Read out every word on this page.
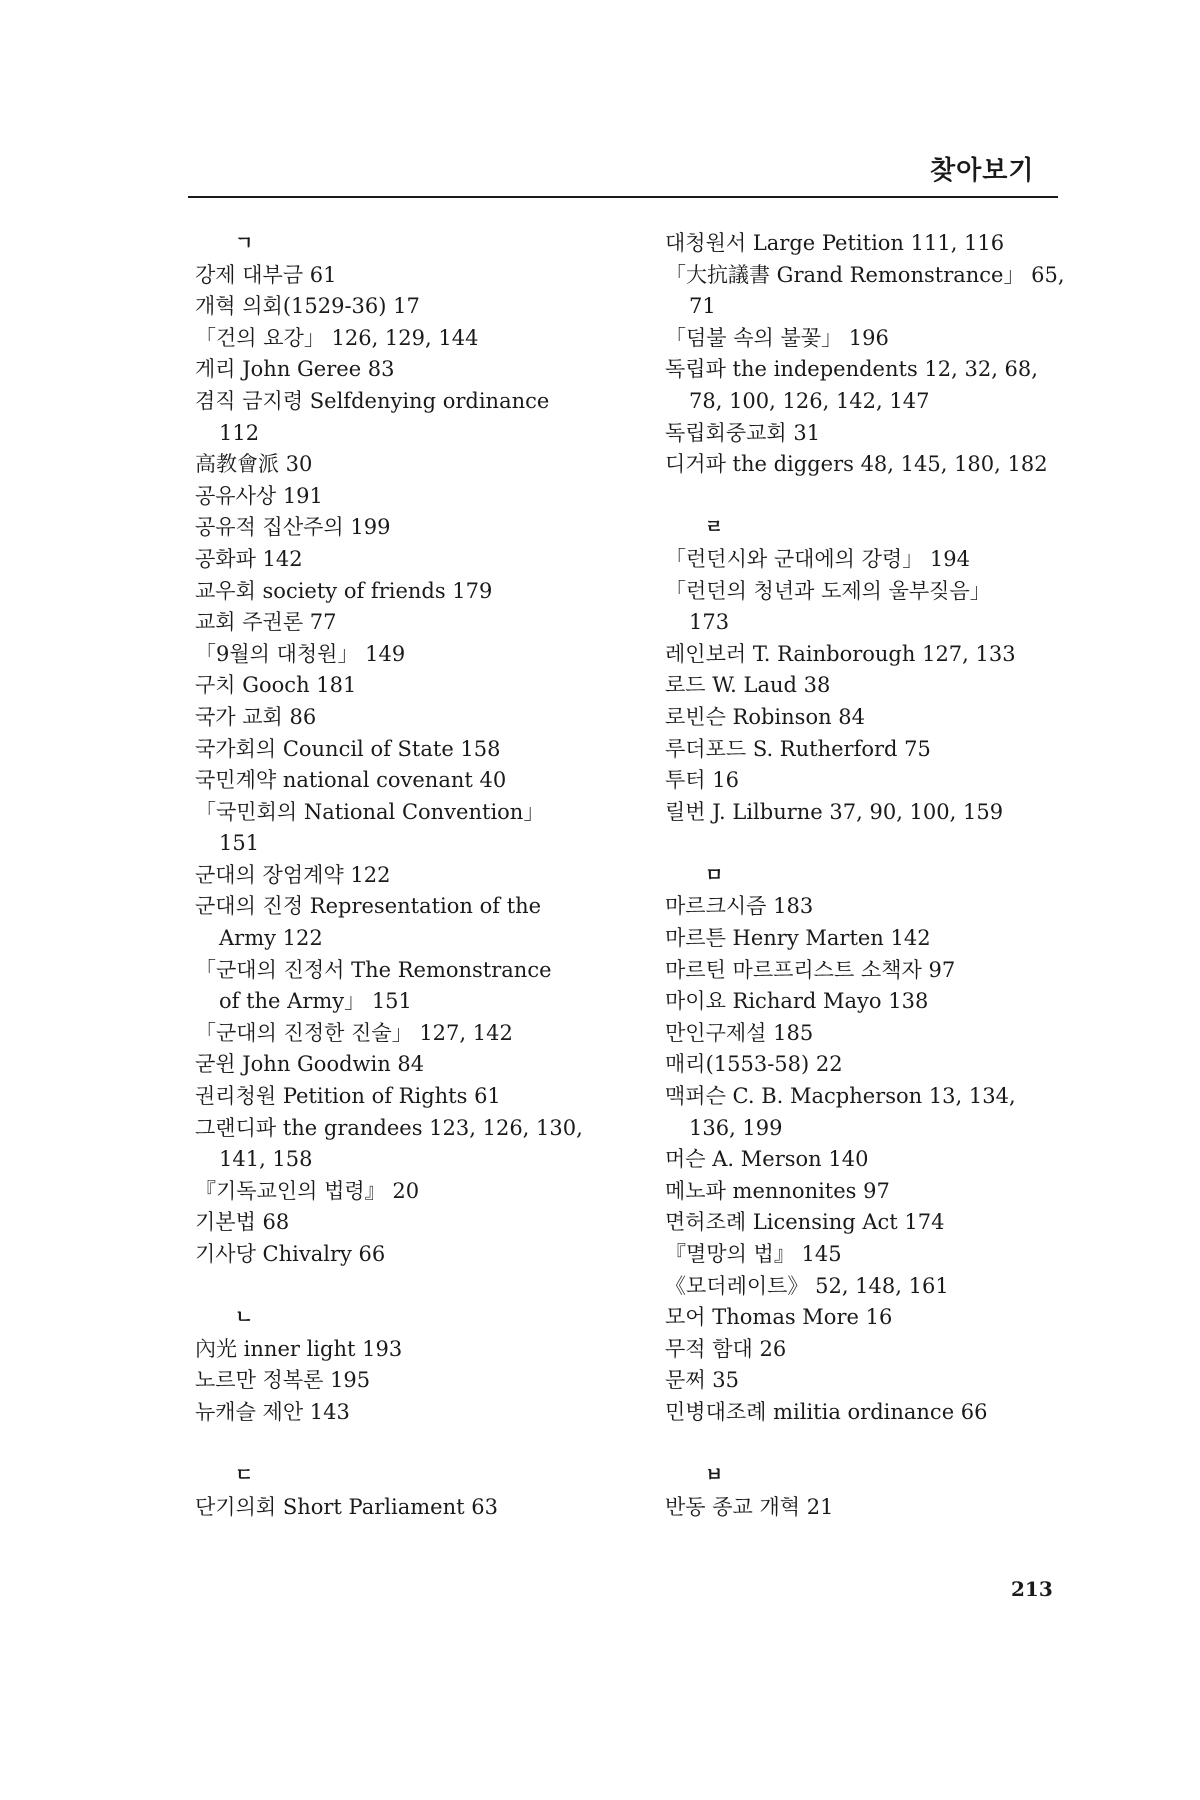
찾아보기
ㄱ
강제 대부금 61
개혁 의회(1529-36) 17
「건의 요강」 126, 129, 144
게리 John Geree 83
겸직 금지령 Selfdenying ordinance
112
高教會派 30
공유사상 191
공유적 집산주의 199
공화파 142
교우회 society of friends 179
교회 주권론 77
「9월의 대청원」 149
구치 Gooch 181
국가 교회 86
국가회의 Council of State 158
국민계약 national covenant 40
「국민회의 National Convention」
151
군대의 장엄계약 122
군대의 진정 Representation of the
Army 122
「군대의 진정서 The Remonstrance
of the Army」 151
「군대의 진정한 진술」 127, 142
굳윈 John Goodwin 84
권리청원 Petition of Rights 61
그랜디파 the grandees 123, 126, 130,
141, 158
『기독교인의 법령』 20
기본법 68
기사당 Chivalry 66
ㄴ
內光 inner light 193
노르만 정복론 195
뉴캐슬 제안 143
ㄷ
단기의회 Short Parliament 63
대청원서 Large Petition 111, 116
「大抗議書 Grand Remonstrance」 65,
71
「덤불 속의 불꽃」 196
독립파 the independents 12, 32, 68,
78, 100, 126, 142, 147
독립회중교회 31
디거파 the diggers 48, 145, 180, 182
ㄹ
「런던시와 군대에의 강령」 194
「런던의 청년과 도제의 울부짖음」
173
레인보러 T. Rainborough 127, 133
로드 W. Laud 38
로빈슨 Robinson 84
루더포드 S. Rutherford 75
투터 16
릴번 J. Lilburne 37, 90, 100, 159
ㅁ
마르크시즘 183
마르튼 Henry Marten 142
마르틴 마르프리스트 소책자 97
마이요 Richard Mayo 138
만인구제설 185
매리(1553-58) 22
맥퍼슨 C. B. Macpherson 13, 134,
136, 199
머슨 A. Merson 140
메노파 mennonites 97
면허조례 Licensing Act 174
『멸망의 법』 145
《모더레이트》 52, 148, 161
모어 Thomas More 16
무적 함대 26
문쩌 35
민병대조례 militia ordinance 66
ㅂ
반동 종교 개혁 21
213
